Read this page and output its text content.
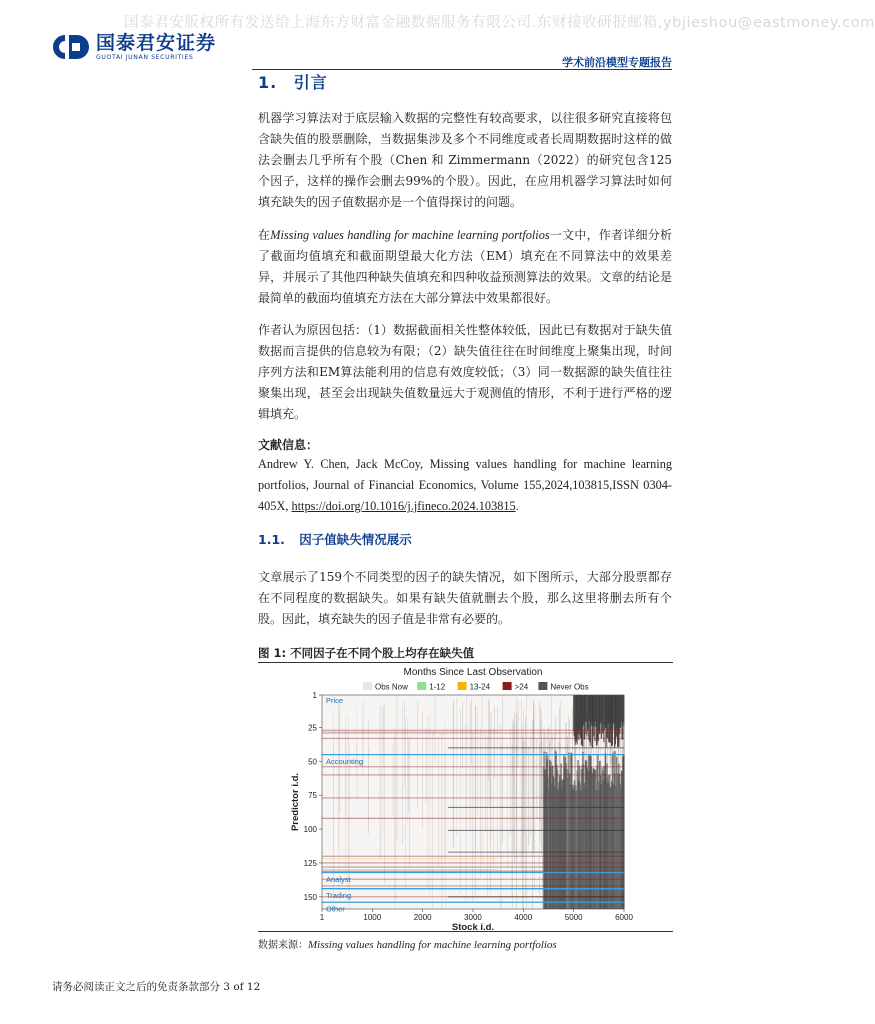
国泰君安版权所有发送给上海东方财富金融数据服务有限公司.东财接收研报邮箱,ybjieshou@eastmoney.com
国泰君安证券
GUOTAI JUNAN SECURITIES	学术前沿模型专题报告
1. 引言

机器学习算法对于底层输入数据的完整性有较高要求，以往很多研究直接将包含缺失值的股票删除，当数据集涉及多个不同维度或者长周期数据时这样的做法会删去几乎所有个股（Chen 和 Zimmermann（2022）的研究包含125个因子，这样的操作会删去99%的个股）。因此，在应用机器学习算法时如何填充缺失的因子值数据亦是一个值得探讨的问题。

在Missing values handling for machine learning portfolios一文中，作者详细分析了截面均值填充和截面期望最大化方法（EM）填充在不同算法中的效果差异，并展示了其他四种缺失值填充和四种收益预测算法的效果。文章的结论是最简单的截面均值填充方法在大部分算法中效果都很好。

作者认为原因包括：（1）数据截面相关性整体较低，因此已有数据对于缺失值数据而言提供的信息较为有限；（2）缺失值往往在时间维度上聚集出现，时间序列方法和EM算法能利用的信息有效度较低；（3）同一数据源的缺失值往往聚集出现，甚至会出现缺失值数量远大于观测值的情形，不利于进行严格的逻辑填充。

文献信息：

Andrew Y. Chen, Jack McCoy, Missing values handling for machine learning portfolios, Journal of Financial Economics, Volume 155,2024,103815,ISSN 0304-405X, https://doi.org/10.1016/j.jfineco.2024.103815.

1.1. 因子值缺失情况展示

文章展示了159个不同类型的因子的缺失情况，如下图所示，大部分股票都存在不同程度的数据缺失。如果有缺失值就删去个股，那么这里将删去所有个股。因此，填充缺失的因子值是非常有必要的。

图 1: 不同因子在不同个股上均存在缺失值
Months Since Last Observation
Obs Now	1-12	13-24	>24	Never Obs
Price
Accounting
Analyst
Trading
Other
1	1000	2000	3000	4000	5000	6000
1
25
50
75
100
125
150
Stock i.d.
Predictor i.d.
数据来源：Missing values handling for machine learning portfolios
请务必阅读正文之后的免责条款部分 3 of 12
